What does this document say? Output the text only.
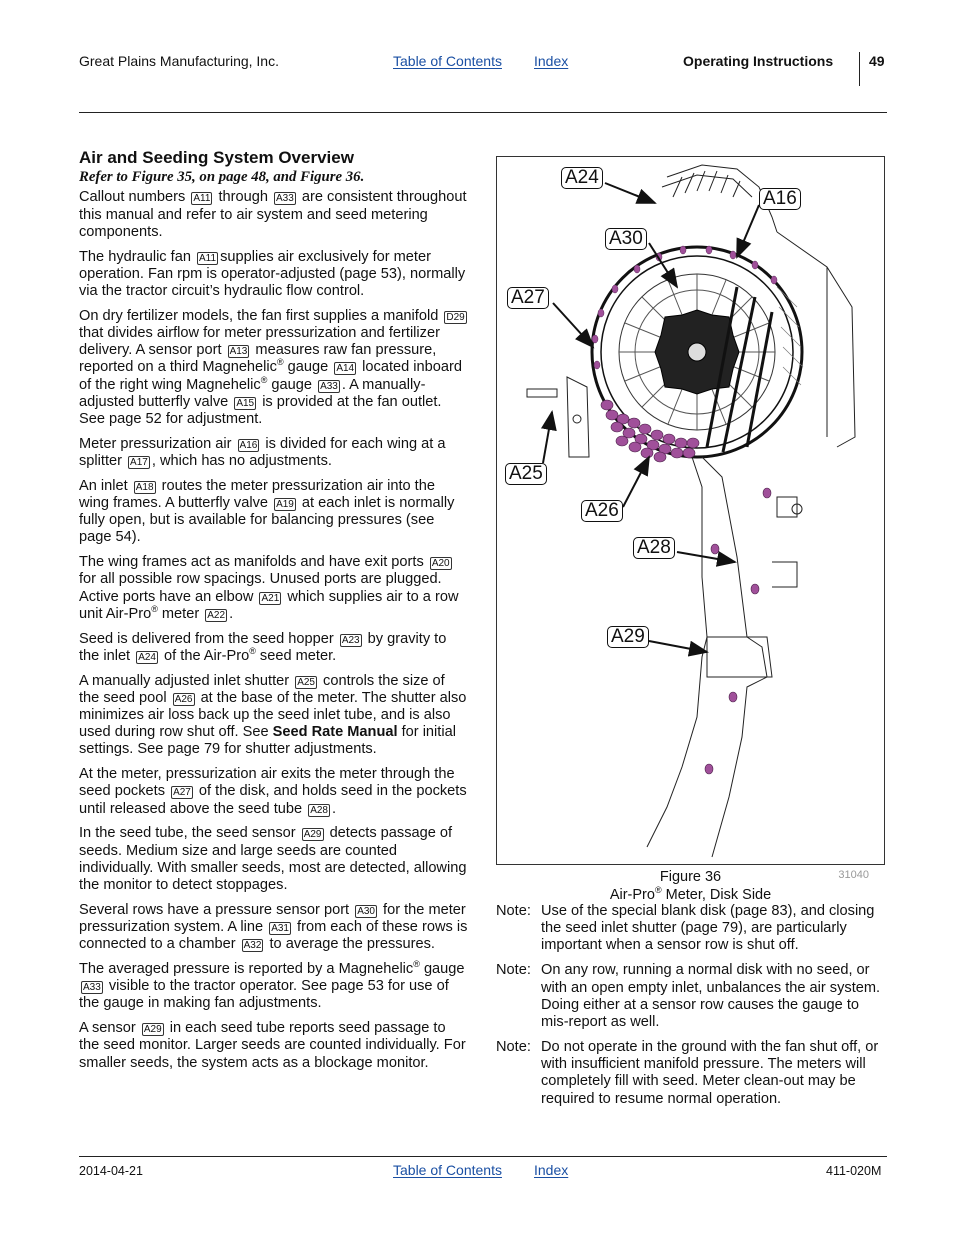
Great Plains Manufacturing, Inc.	Table of Contents Index	Operating Instructions	49
Air and Seeding System Overview
Refer to Figure 35, on page 48, and Figure 36.

Callout numbers A11 through A33 are consistent throughout this manual and refer to air system and seed metering components.

The hydraulic fan A11 supplies air exclusively for meter operation. Fan rpm is operator-adjusted (page 53), normally via the tractor circuit’s hydraulic flow control.

On dry fertilizer models, the fan first supplies a manifold D29 that divides airflow for meter pressurization and fertilizer delivery. A sensor port A13 measures raw fan pressure, reported on a third Magnehelic® gauge A14 located inboard of the right wing Magnehelic® gauge A33 . A manually-adjusted butterfly valve A15 is provided at the fan outlet. See page 52 for adjustment.

Meter pressurization air A16 is divided for each wing at a splitter A17 , which has no adjustments.

An inlet A18 routes the meter pressurization air into the wing frames. A butterfly valve A19 at each inlet is normally fully open, but is available for balancing pressures (see page 54).

The wing frames act as manifolds and have exit ports A20 for all possible row spacings. Unused ports are plugged. Active ports have an elbow A21 which supplies air to a row unit Air-Pro® meter A22 .

Seed is delivered from the seed hopper A23 by gravity to the inlet A24 of the Air-Pro® seed meter.

A manually adjusted inlet shutter A25 controls the size of the seed pool A26 at the base of the meter. The shutter also minimizes air loss back up the seed inlet tube, and is also used during row shut off. See Seed Rate Manual for initial settings. See page 79 for shutter adjustments.

At the meter, pressurization air exits the meter through the seed pockets A27 of the disk, and holds seed in the pockets until released above the seed tube A28 .

In the seed tube, the seed sensor A29 detects passage of seeds. Medium size and large seeds are counted individually. With smaller seeds, most are detected, allowing the monitor to detect stoppages.

Several rows have a pressure sensor port A30 for the meter pressurization system. A line A31 from each of these rows is connected to a chamber A32 to average the pressures.

The averaged pressure is reported by a Magnehelic® gauge A33 visible to the tractor operator. See page 53 for use of the gauge in making fan adjustments.

A sensor A29 in each seed tube reports seed passage to the seed monitor. Larger seeds are counted individually. For smaller seeds, the system acts as a blockage monitor.

A24
A16
A30
A27
A25
A26
A28
A29
Figure 36
Air-Pro® Meter, Disk Side
31040
Note: Use of the special blank disk (page 83), and closing the seed inlet shutter (page 79), are particularly important when a sensor row is shut off.
Note: On any row, running a normal disk with no seed, or with an open empty inlet, unbalances the air system. Doing either at a sensor row causes the gauge to mis-report as well.
Note: Do not operate in the ground with the fan shut off, or with insufficient manifold pressure. The meters will completely fill with seed. Meter clean-out may be required to resume normal operation.
2014-04-21	Table of Contents Index	411-020M
